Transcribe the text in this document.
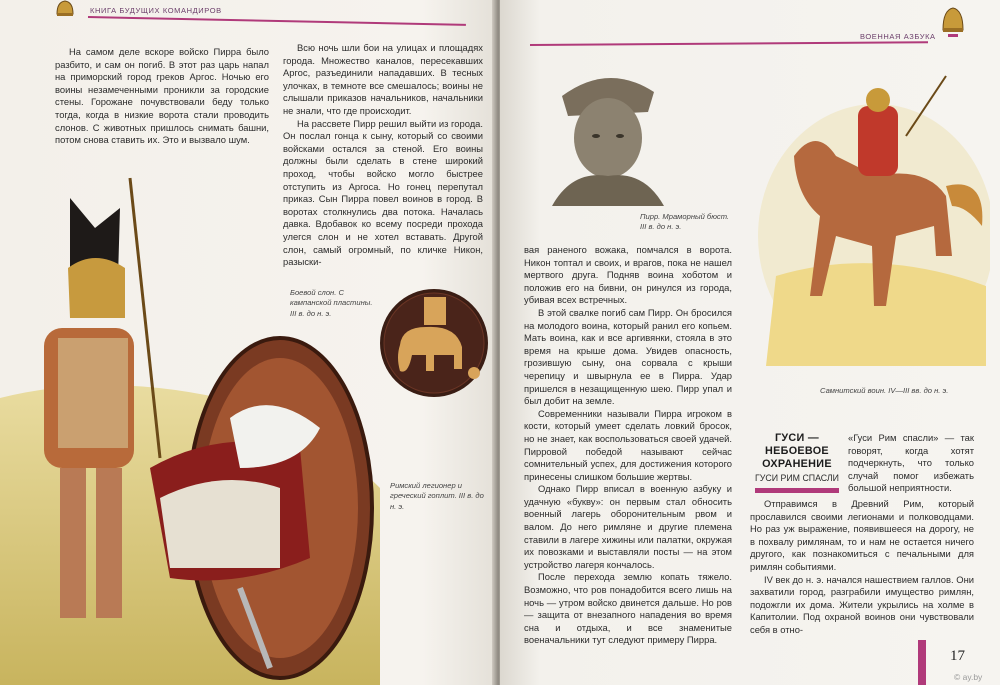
КНИГА БУДУЩИХ КОМАНДИРОВ

На самом деле вскоре войско Пирра было разбито, и сам он погиб. В этот раз царь напал на приморский город греков Аргос. Ночью его воины незамеченными проникли за городские стены. Горожане почувствовали беду только тогда, когда в низкие ворота стали проводить слонов. С животных пришлось снимать башни, потом снова ставить их. Это и вызвало шум.

Всю ночь шли бои на улицах и площадях города. Множество каналов, пересекавших Аргос, разъединили нападавших. В тесных улочках, в темноте все смешалось; воины не слышали приказов начальников, начальники не знали, что где происходит.

На рассвете Пирр решил выйти из города. Он послал гонца к сыну, который со своими войсками остался за стеной. Его воины должны были сделать в стене широкий проход, чтобы войско могло быстрее отступить из Аргоса. Но гонец перепутал приказ. Сын Пирра повел воинов в город. В воротах столкнулись два потока. Началась давка. Вдобавок ко всему посреди прохода улегся слон и не хотел вставать. Другой слон, самый огромный, по кличке Никон, разыски-

Боевой слон. С кампанской пластины. III в. до н. э.
Римский легионер и греческий гоплит. III в. до н. э.
ВОЕННАЯ АЗБУКА
Пирр. Мраморный бюст. III в. до н. э.
Самнитский воин. IV—III вв. до н. э.

вая раненого вожака, помчался в ворота. Никон топтал и своих, и врагов, пока не нашел мертвого друга. Подняв воина хоботом и положив его на бивни, он ринулся из города, убивая всех встречных.

В этой свалке погиб сам Пирр. Он бросился на молодого воина, который ранил его копьем. Мать воина, как и все аргивянки, стояла в это время на крыше дома. Увидев опасность, грозившую сыну, она сорвала с крыши черепицу и швырнула ее в Пирра. Удар пришелся в незащищенную шею. Пирр упал и был добит на земле.

Современники называли Пирра игроком в кости, который умеет сделать ловкий бросок, но не знает, как воспользоваться своей удачей. Пирровой победой называют сейчас сомнительный успех, для достижения которого принесены слишком большие жертвы.

Однако Пирр вписал в военную азбуку и удачную «букву»: он первым стал обносить военный лагерь оборонительным рвом и валом. До него римляне и другие племена ставили в лагере хижины или палатки, окружая их повозками и выставляли посты — на этом устройство лагеря кончалось.

После перехода землю копать тяжело. Возможно, что ров понадобится всего лишь на ночь — утром войско двинется дальше. Но ров — защита от внезапного нападения во время сна и отдыха, и все знаменитые военачальники тут следуют примеру Пирра.

ГУСИ — НЕБОЕВОЕ ОХРАНЕНИЕ
ГУСИ РИМ СПАСЛИ

«Гуси Рим спасли» — так говорят, когда хотят подчеркнуть, что только случай помог избежать большой неприятности.

Отправимся в Древний Рим, который прославился своими легионами и полководцами. Но раз уж выражение, появившееся на дорогу, не в похвалу римлянам, то и нам не остается ничего другого, как познакомиться с печальными для римлян событиями.

IV век до н. э. начался нашествием галлов. Они захватили город, разграбили имущество римлян, подожгли их дома. Жители укрылись на холме в Капитолии. Под охраной воинов они чувствовали себя в отно-

17
© ay.by
